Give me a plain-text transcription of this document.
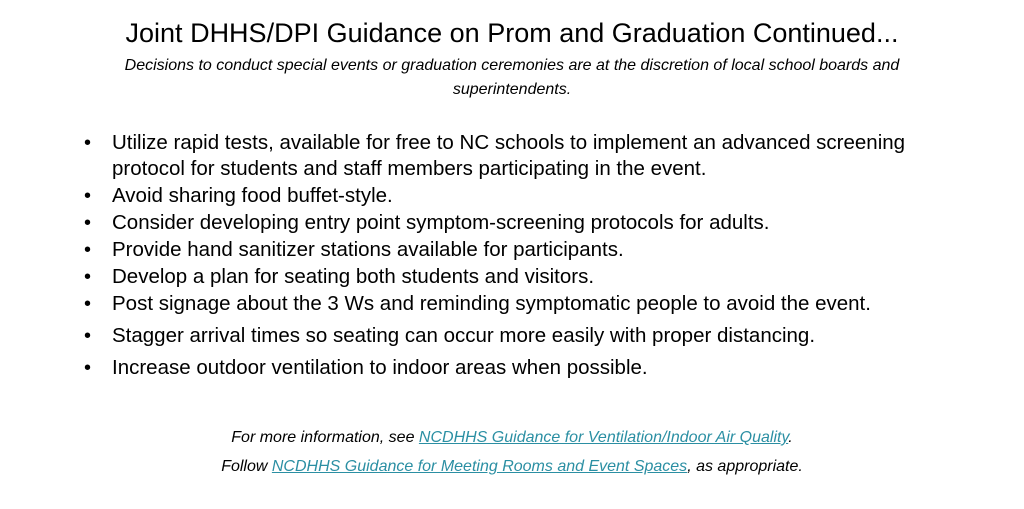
Joint DHHS/DPI Guidance on Prom and Graduation Continued...
Decisions to conduct special events or graduation ceremonies are at the discretion of local school boards and superintendents.
• Utilize rapid tests, available for free to NC schools to implement an advanced screening protocol for students and staff members participating in the event.
• Avoid sharing food buffet-style.
• Consider developing entry point symptom-screening protocols for adults.
• Provide hand sanitizer stations available for participants.
• Develop a plan for seating both students and visitors.
• Post signage about the 3 Ws and reminding symptomatic people to avoid the event.
• Stagger arrival times so seating can occur more easily with proper distancing.
• Increase outdoor ventilation to indoor areas when possible.
For more information, see NCDHHS Guidance for Ventilation/Indoor Air Quality.
Follow NCDHHS Guidance for Meeting Rooms and Event Spaces, as appropriate.
